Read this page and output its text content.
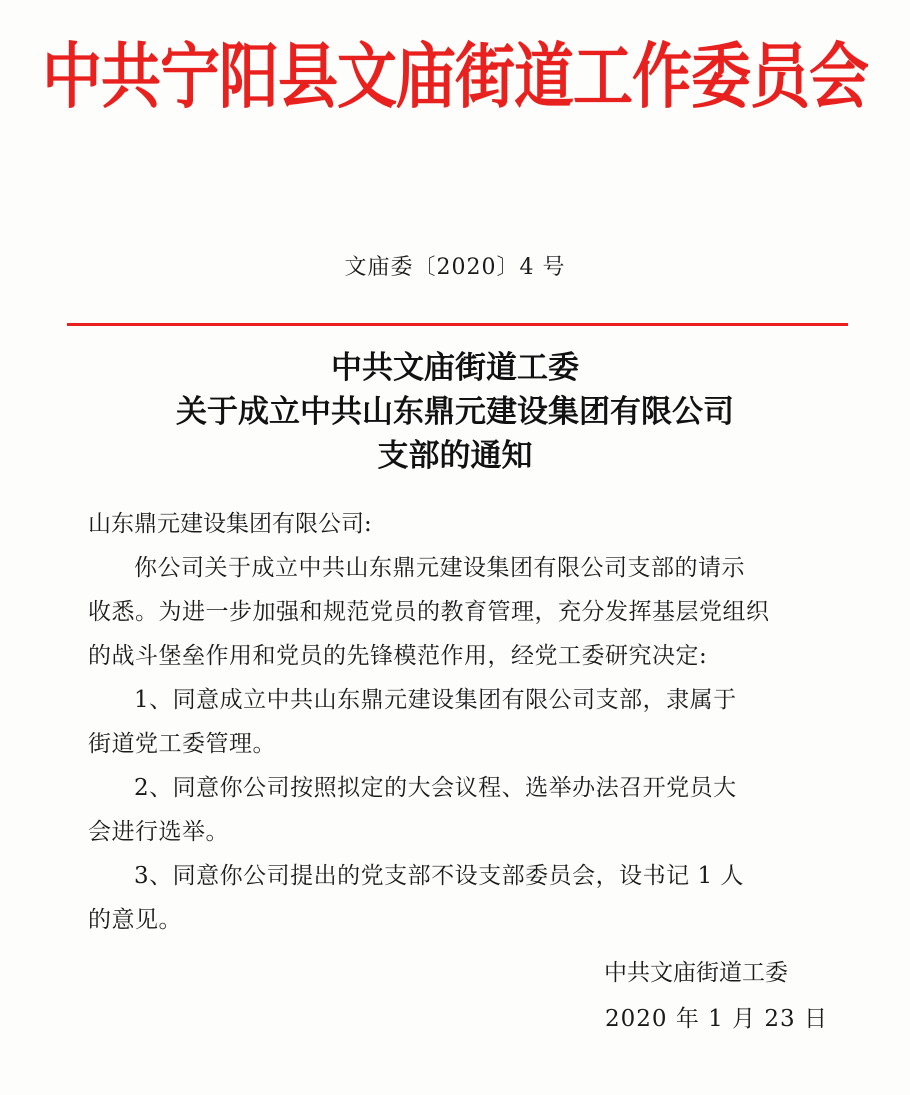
中共宁阳县文庙街道工作委员会
文庙委〔2020〕4 号
中共文庙街道工委
关于成立中共山东鼎元建设集团有限公司
支部的通知
山东鼎元建设集团有限公司:
你公司关于成立中共山东鼎元建设集团有限公司支部的请示
收悉。为进一步加强和规范党员的教育管理，充分发挥基层党组织
的战斗堡垒作用和党员的先锋模范作用，经党工委研究决定:
1、同意成立中共山东鼎元建设集团有限公司支部，隶属于
街道党工委管理。
2、同意你公司按照拟定的大会议程、选举办法召开党员大
会进行选举。
3、同意你公司提出的党支部不设支部委员会，设书记 1 人
的意见。
中共文庙街道工委
2020 年 1 月 23 日
